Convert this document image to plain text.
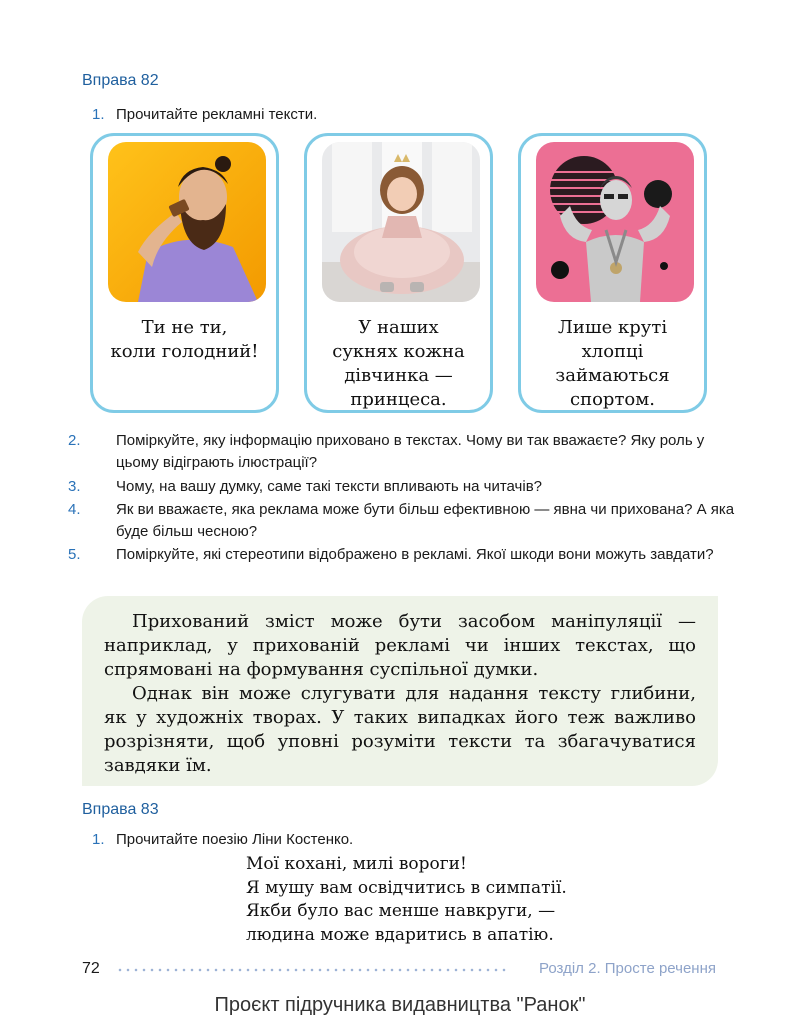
Вправа 82
1. Прочитайте рекламні тексти.
Ти не ти,
коли голодний!
У наших
сукнях кожна
дівчинка —
принцеса.
Лише круті
хлопці
займаються
спортом.
2. Поміркуйте, яку інформацію приховано в текстах. Чому ви так вважаєте? Яку роль у цьому відіграють ілюстрації?
3. Чому, на вашу думку, саме такі тексти впливають на читачів?
4. Як ви вважаєте, яка реклама може бути більш ефективною — явна чи прихована? А яка буде більш чесною?
5. Поміркуйте, які стереотипи відображено в рекламі. Якої шкоди вони можуть завдати?

Прихований зміст може бути засобом маніпуляції — наприклад, у прихованій рекламі чи інших текстах, що спрямовані на формування суспільної думки.

Однак він може слугувати для надання тексту глибини, як у художніх творах. У таких випадках його теж важливо розрізняти, щоб уповні розуміти тексти та збагачуватися завдяки їм.

Вправа 83
1. Прочитайте поезію Ліни Костенко.
Мої кохані, милі вороги!
Я мушу вам освідчитись в симпатії.
Якби було вас менше навкруги, —
людина може вдаритись в апатію.
72	Розділ 2. Просте речення
Проєкт підручника видавництва "Ранок"
